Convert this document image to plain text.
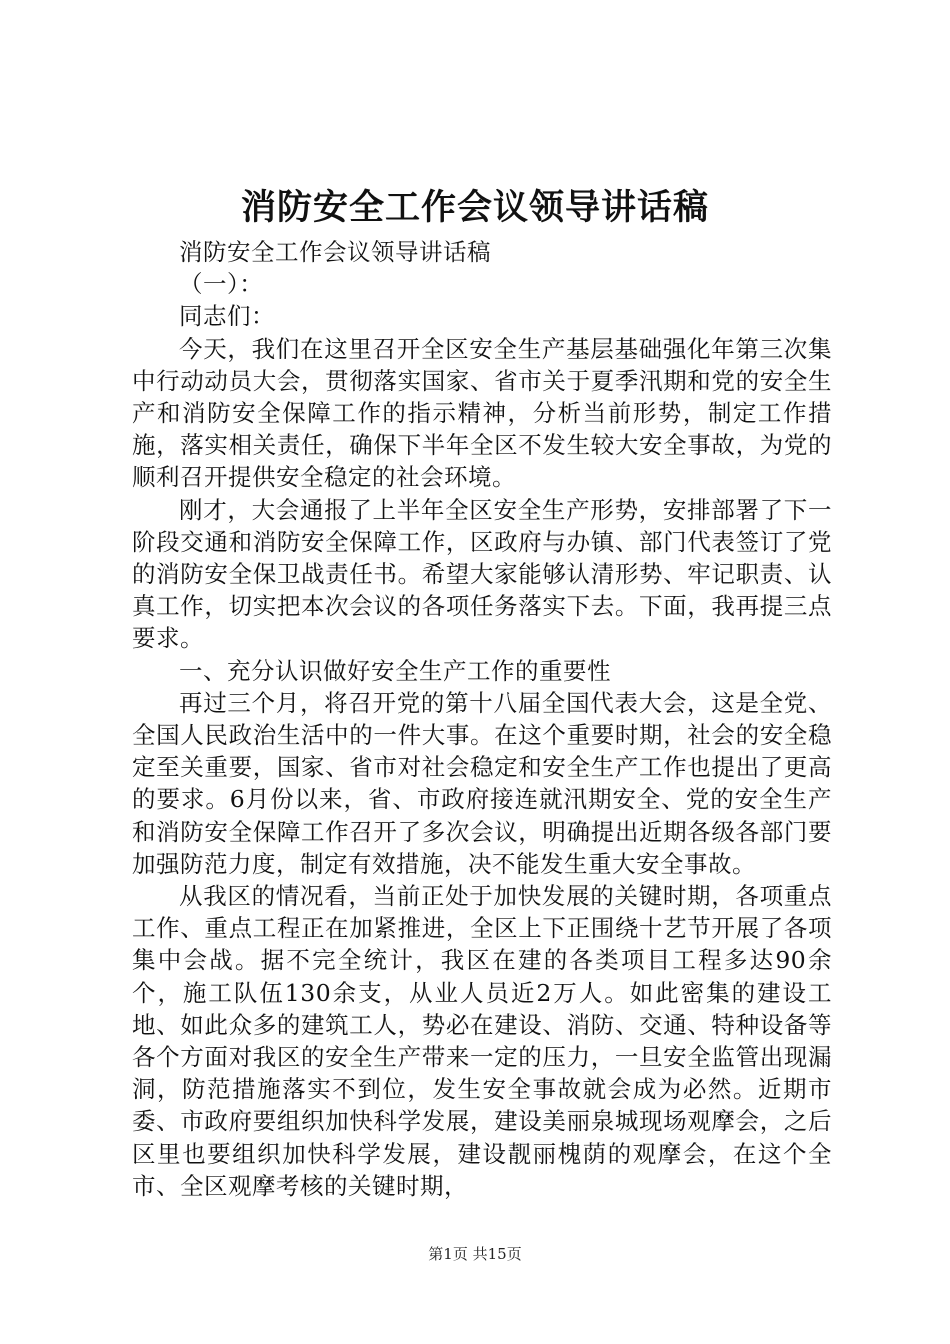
消防安全工作会议领导讲话稿

消防安全工作会议领导讲话稿

（一）：

同志们：

今天，我们在这里召开全区安全生产基层基础强化年第三次集中行动动员大会，贯彻落实国家、省市关于夏季汛期和党的安全生产和消防安全保障工作的指示精神，分析当前形势，制定工作措施，落实相关责任，确保下半年全区不发生较大安全事故，为党的顺利召开提供安全稳定的社会环境。

刚才，大会通报了上半年全区安全生产形势，安排部署了下一阶段交通和消防安全保障工作，区政府与办镇、部门代表签订了党的消防安全保卫战责任书。希望大家能够认清形势、牢记职责、认真工作，切实把本次会议的各项任务落实下去。下面，我再提三点要求。

一、充分认识做好安全生产工作的重要性

再过三个月，将召开党的第十八届全国代表大会，这是全党、全国人民政治生活中的一件大事。在这个重要时期，社会的安全稳定至关重要，国家、省市对社会稳定和安全生产工作也提出了更高的要求。6月份以来，省、市政府接连就汛期安全、党的安全生产和消防安全保障工作召开了多次会议，明确提出近期各级各部门要加强防范力度，制定有效措施，决不能发生重大安全事故。

从我区的情况看，当前正处于加快发展的关键时期，各项重点工作、重点工程正在加紧推进，全区上下正围绕十艺节开展了各项集中会战。据不完全统计，我区在建的各类项目工程多达90余个，施工队伍130余支，从业人员近2万人。如此密集的建设工地、如此众多的建筑工人，势必在建设、消防、交通、特种设备等各个方面对我区的安全生产带来一定的压力，一旦安全监管出现漏洞，防范措施落实不到位，发生安全事故就会成为必然。近期市委、市政府要组织加快科学发展，建设美丽泉城现场观摩会，之后区里也要组织加快科学发展，建设靓丽槐荫的观摩会，在这个全市、全区观摩考核的关键时期，

第1页 共15页
